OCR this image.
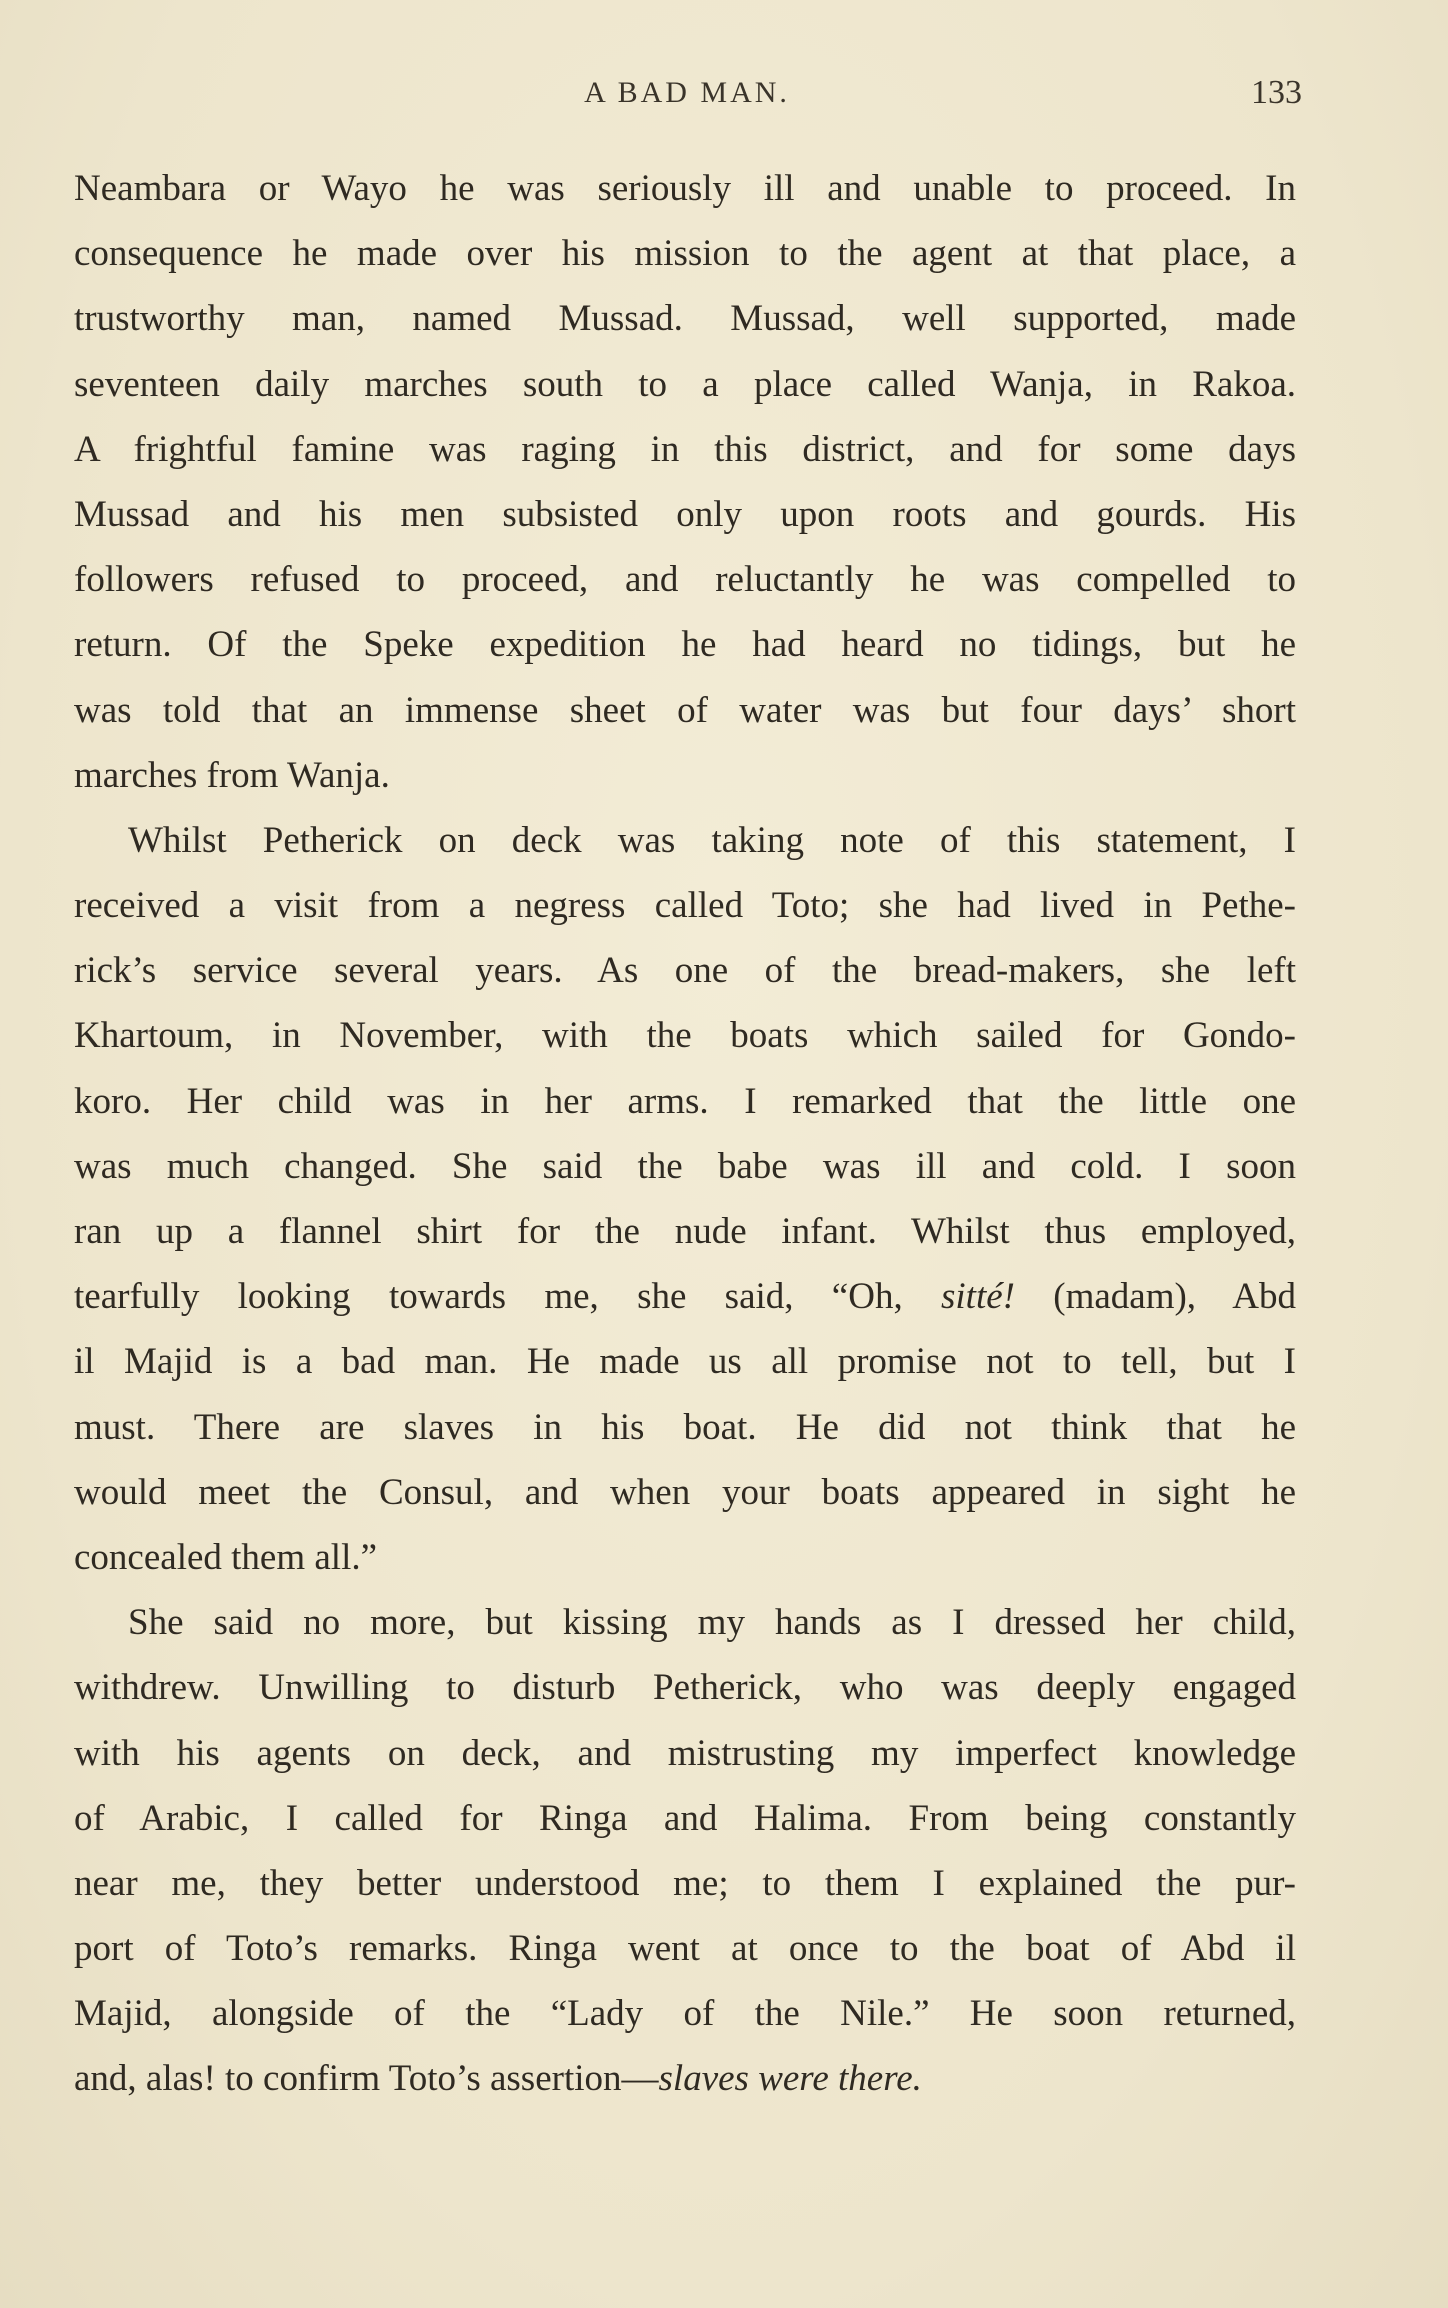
A BAD MAN.	133
Neambara or Wayo he was seriously ill and unable to proceed. In
consequence he made over his mission to the agent at that place, a
trustworthy man, named Mussad. Mussad, well supported, made
seventeen daily marches south to a place called Wanja, in Rakoa.
A frightful famine was raging in this district, and for some days
Mussad and his men subsisted only upon roots and gourds. His
followers refused to proceed, and reluctantly he was compelled to
return. Of the Speke expedition he had heard no tidings, but he
was told that an immense sheet of water was but four days’ short
marches from Wanja.
Whilst Petherick on deck was taking note of this statement, I
received a visit from a negress called Toto; she had lived in Pethe-
rick’s service several years. As one of the bread-makers, she left
Khartoum, in November, with the boats which sailed for Gondo-
koro. Her child was in her arms. I remarked that the little one
was much changed. She said the babe was ill and cold. I soon
ran up a flannel shirt for the nude infant. Whilst thus employed,
tearfully looking towards me, she said, “Oh, sitté! (madam), Abd
il Majid is a bad man. He made us all promise not to tell, but I
must. There are slaves in his boat. He did not think that he
would meet the Consul, and when your boats appeared in sight he
concealed them all.”
She said no more, but kissing my hands as I dressed her child,
withdrew. Unwilling to disturb Petherick, who was deeply engaged
with his agents on deck, and mistrusting my imperfect knowledge
of Arabic, I called for Ringa and Halima. From being constantly
near me, they better understood me; to them I explained the pur-
port of Toto’s remarks. Ringa went at once to the boat of Abd il
Majid, alongside of the “Lady of the Nile.” He soon returned,
and, alas! to confirm Toto’s assertion—slaves were there.
